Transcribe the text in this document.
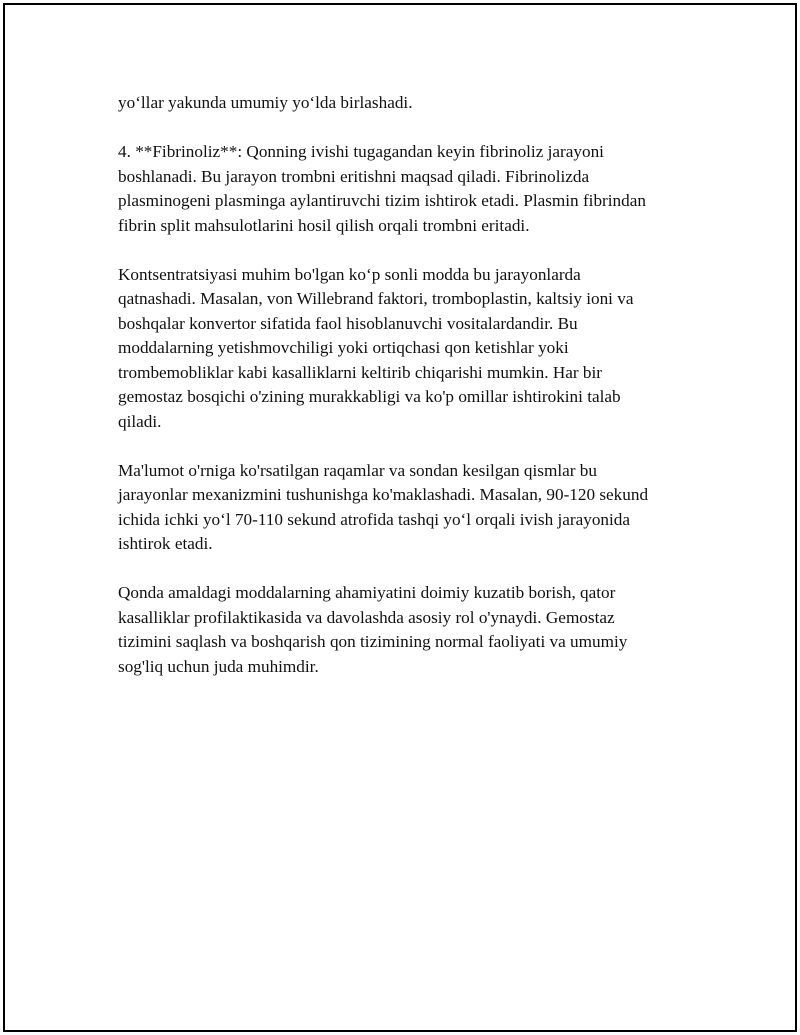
yo‘llar yakunda umumiy yo‘lda birlashadi.

4. **Fibrinoliz**: Qonning ivishi tugagandan keyin fibrinoliz jarayoni
boshlanadi. Bu jarayon trombni eritishni maqsad qiladi. Fibrinolizda
plasminogeni plasminga aylantiruvchi tizim ishtirok etadi. Plasmin fibrindan
fibrin split mahsulotlarini hosil qilish orqali trombni eritadi.

Kontsentratsiyasi muhim bo'lgan ko‘p sonli modda bu jarayonlarda
qatnashadi. Masalan, von Willebrand faktori, tromboplastin, kaltsiy ioni va
boshqalar konvertor sifatida faol hisoblanuvchi vositalardandir. Bu
moddalarning yetishmovchiligi yoki ortiqchasi qon ketishlar yoki
trombemobliklar kabi kasalliklarni keltirib chiqarishi mumkin. Har bir
gemostaz bosqichi o'zining murakkabligi va ko'p omillar ishtirokini talab
qiladi.

Ma'lumot o'rniga ko'rsatilgan raqamlar va sondan kesilgan qismlar bu
jarayonlar mexanizmini tushunishga ko'maklashadi. Masalan, 90-120 sekund
ichida ichki yo‘l 70-110 sekund atrofida tashqi yo‘l orqali ivish jarayonida
ishtirok etadi.

Qonda amaldagi moddalarning ahamiyatini doimiy kuzatib borish, qator
kasalliklar profilaktikasida va davolashda asosiy rol o'ynaydi. Gemostaz
tizimini saqlash va boshqarish qon tizimining normal faoliyati va umumiy
sog'liq uchun juda muhimdir.
